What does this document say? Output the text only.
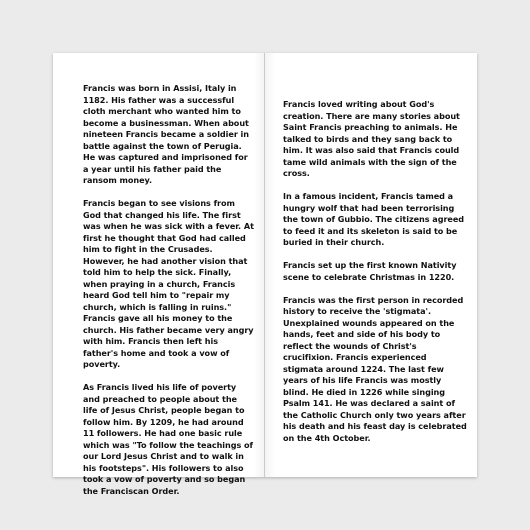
Francis was born in Assisi, Italy in 1182. His father was a successful cloth merchant who wanted him to become a businessman. When about nineteen Francis became a soldier in battle against the town of Perugia. He was captured and imprisoned for a year until his father paid the ransom money.

Francis began to see visions from God that changed his life. The first was when he was sick with a fever. At first he thought that God had called him to fight in the Crusades. However, he had another vision that told him to help the sick. Finally, when praying in a church, Francis heard God tell him to "repair my church, which is falling in ruins." Francis gave all his money to the church. His father became very angry with him. Francis then left his father's home and took a vow of poverty.

As Francis lived his life of poverty and preached to people about the life of Jesus Christ, people began to follow him. By 1209, he had around 11 followers. He had one basic rule which was "To follow the teachings of our Lord Jesus Christ and to walk in his footsteps". His followers to also took a vow of poverty and so began the Franciscan Order.

Francis loved writing about God's creation. There are many stories about Saint Francis preaching to animals. He talked to birds and they sang back to him. It was also said that Francis could tame wild animals with the sign of the cross.

In a famous incident, Francis tamed a hungry wolf that had been terrorising the town of Gubbio. The citizens agreed to feed it and its skeleton is said to be buried in their church.

Francis set up the first known Nativity scene to celebrate Christmas in 1220.

Francis was the first person in recorded history to receive the 'stigmata'. Unexplained wounds appeared on the hands, feet and side of his body to reflect the wounds of Christ's crucifixion. Francis experienced stigmata around 1224. The last few years of his life Francis was mostly blind. He died in 1226 while singing Psalm 141. He was declared a saint of the Catholic Church only two years after his death and his feast day is celebrated on the 4th October.
